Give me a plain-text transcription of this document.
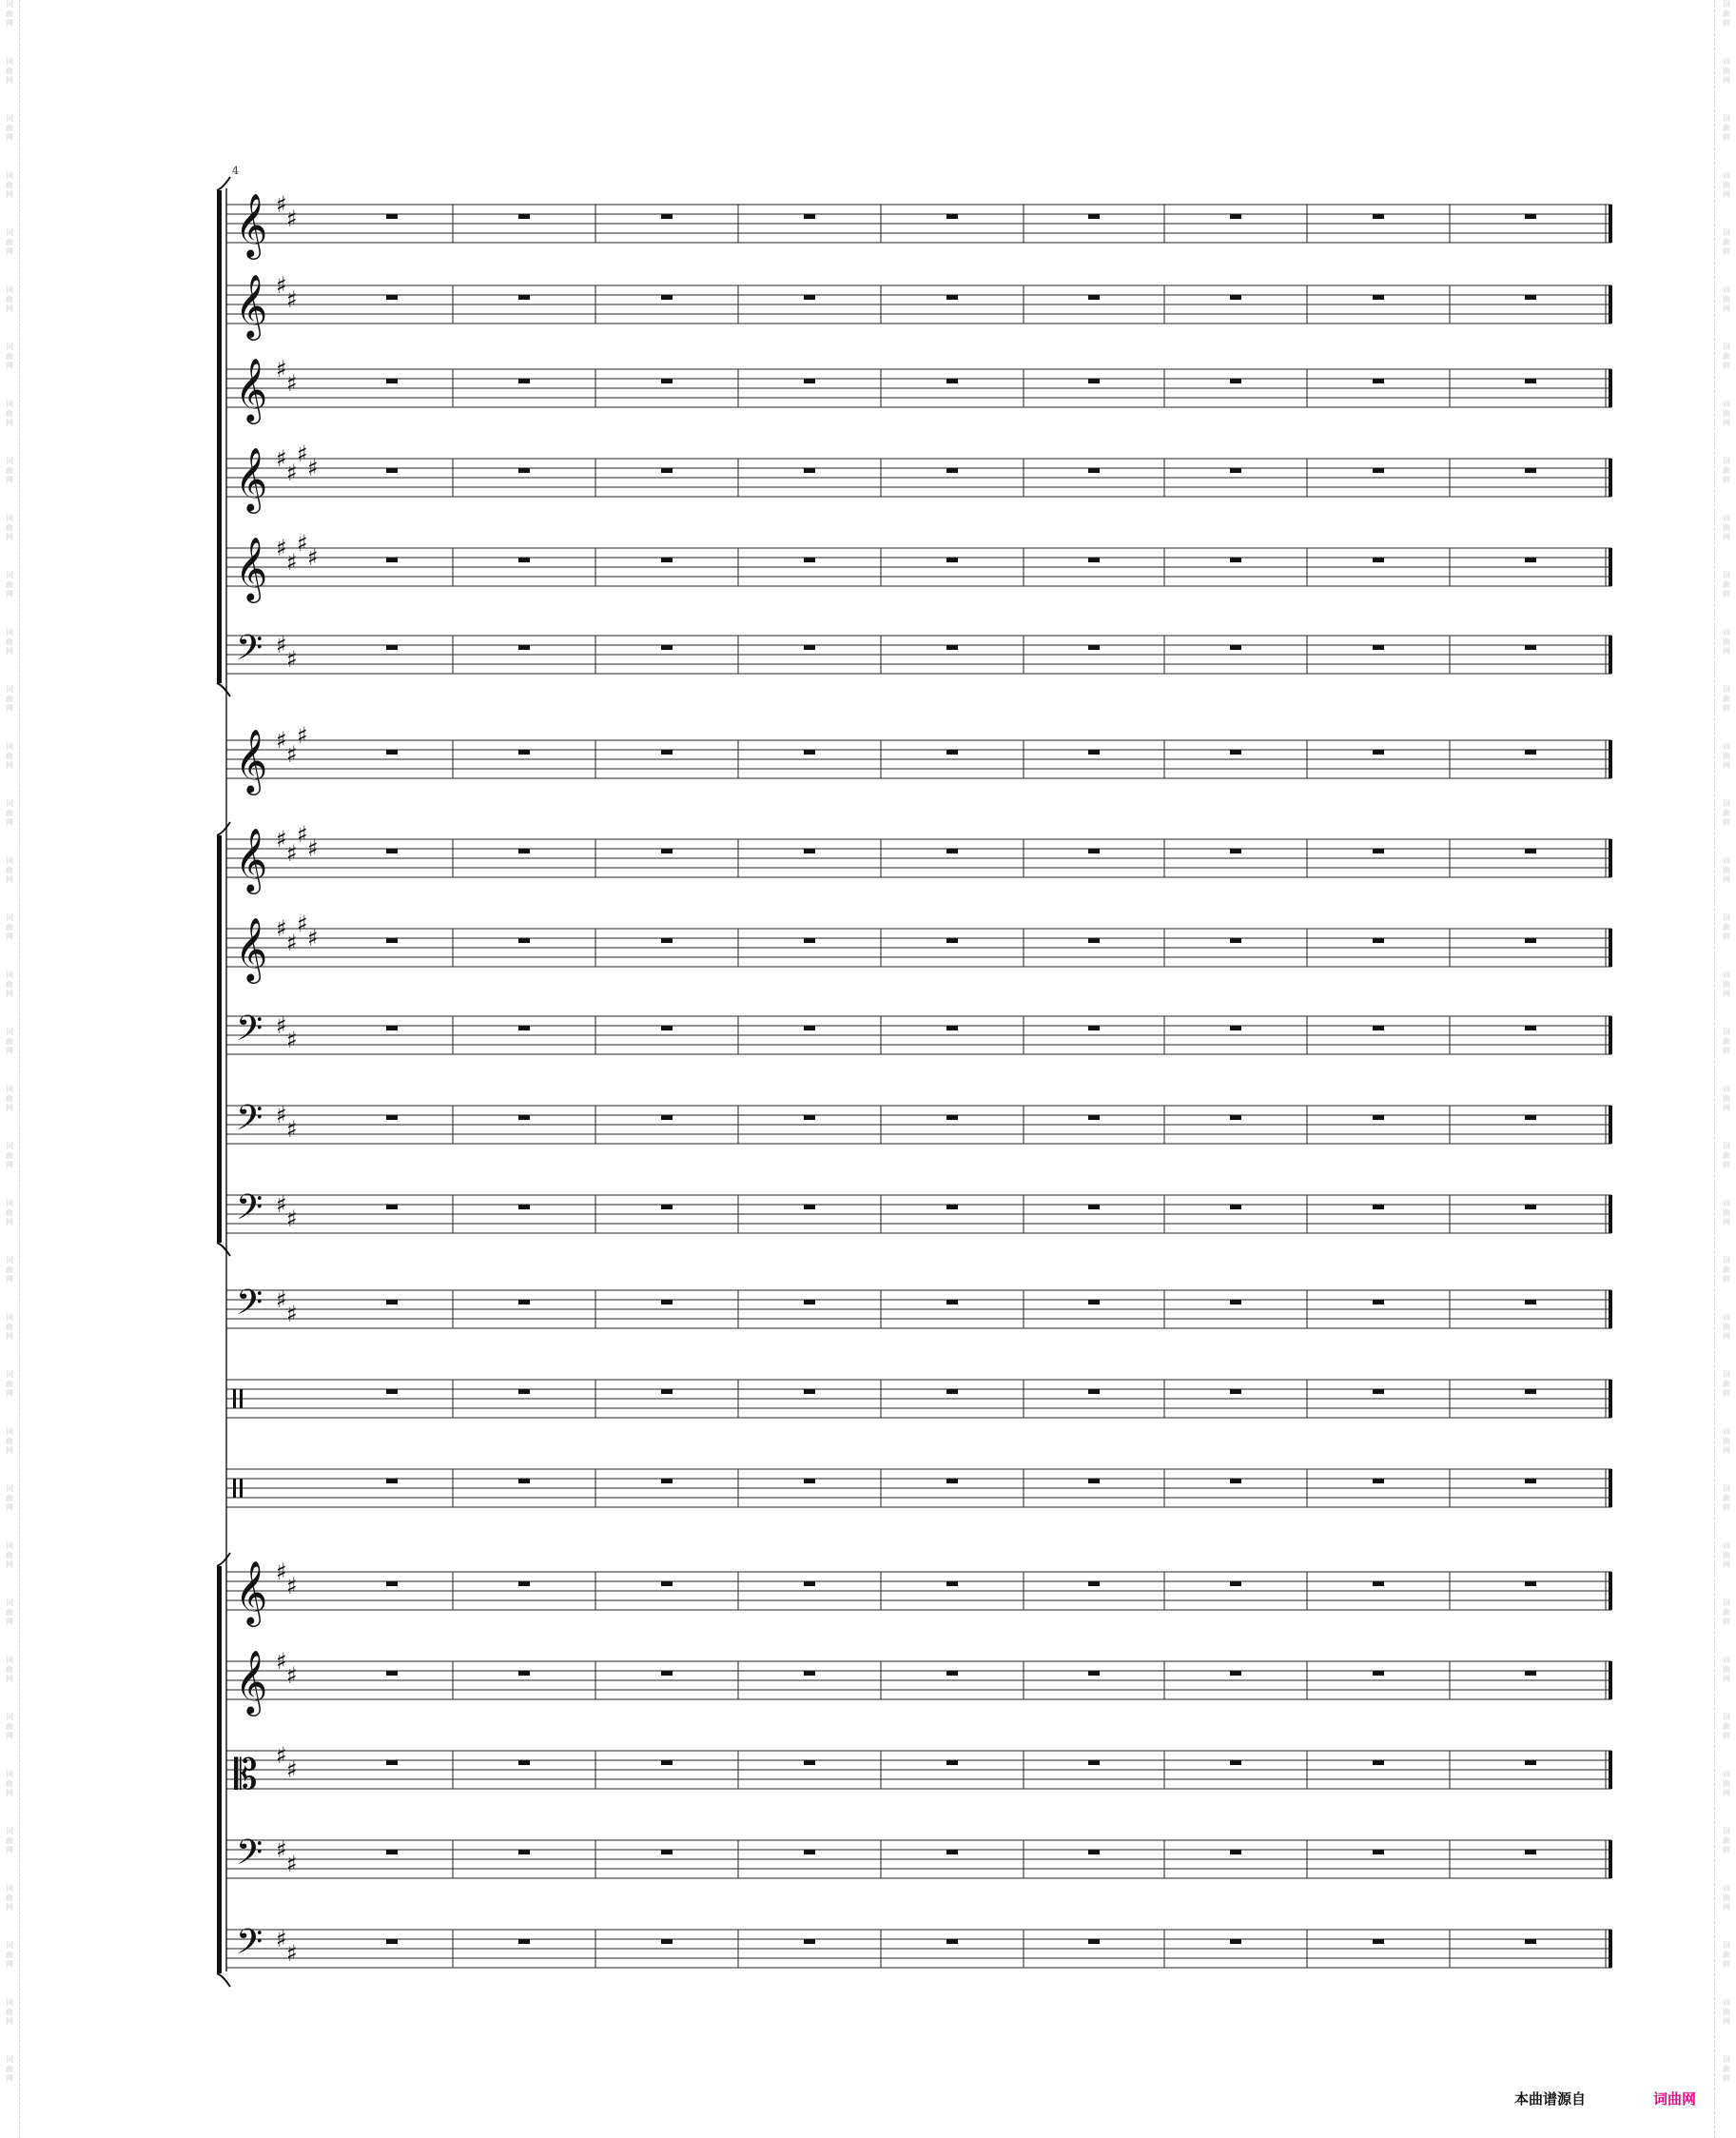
词
曲
网

词
曲
网

词
曲
网

词
曲
网

词
曲
网

词
曲
网

词
曲
网

词
曲
网

词
曲
网

词
曲
网

词
曲
网

词
曲
网

词
曲
网

词
曲
网

词
曲
网

词
曲
网

词
曲
网

词
曲
网

词
曲
网

词
曲
网

词
曲
网

词
曲
网

词
曲
网

词
曲
网

词
曲
网

词
曲
网

词
曲
网

词
曲
网

词
曲
网

词
曲
网

词
曲
网

词
曲
网

词
曲
网

词
曲
网

词
曲
网

词
曲
网

词
曲
网

词
曲
网

词
曲
网

词
曲
网

词
曲
网

词
曲
网

词
曲
网

词
曲
网

词
曲
网

词
曲
网

词
曲
网

词
曲
网

词
曲
网

词
曲
网

词
曲
网

词
曲
网

词
曲
网

词
曲
网

词
曲
网

词
曲
网

词
曲
网

词
曲
网

词
曲
网

词
曲
网

词
曲
网

词
曲
网

词
曲
网

词
曲
网

词
曲
网

词
曲
网

词
曲
网

词
曲
网

词
曲
网

词
曲
网

词
曲
网

词
曲
网

词
曲
网

词
曲
网

4
𝄞 ♯
♯
𝄞 ♯
♯
𝄞 ♯
♯
𝄞 ♯
♯
♯
♯
𝄞 ♯
♯
♯
♯
𝄢 ♯
♯
𝄞 ♯
♯
♯
𝄞 ♯
♯
♯
♯
𝄞 ♯
♯
♯
♯
𝄢 ♯
♯
𝄢 ♯
♯
𝄢 ♯
♯
𝄢 ♯
♯
𝄞 ♯
♯
𝄞 ♯
♯
𝄡 ♯
♯
𝄢 ♯
♯
𝄢 ♯
♯
本曲谱源自	词曲网
